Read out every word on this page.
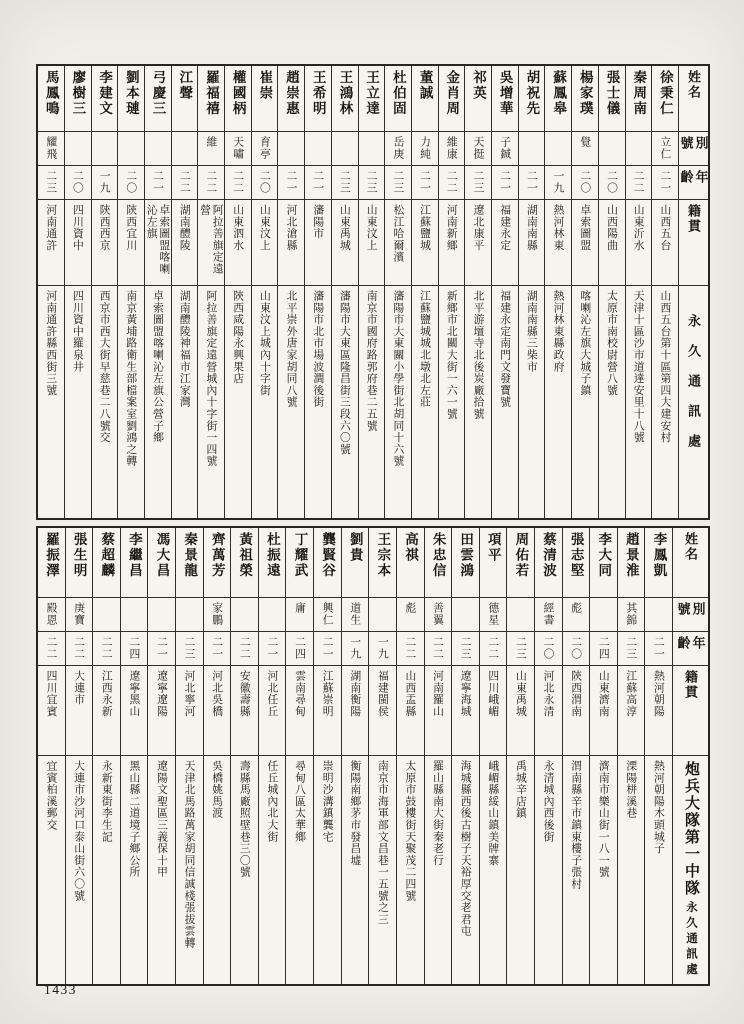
姓名
別號
年齡
籍貫
永久通訊處
徐秉仁
立仁
二一
山西五台
山西五台第十區第四大建安村
秦周南
二二
山東沂水
天津十區沙市道達安里十八號
張士儀
二〇
山西陽曲
太原市南校尉營八號
楊家璞
覺
二〇
卓索圖盟
喀喇沁左旗大城子鎮
蘇鳳皋
一九
熱河林東
熱河林東縣政府
胡祝先
二一
湖南南縣
湖南南縣三柴市
吳增華
子鋮
二一
福建永定
福建永定南門文發寶號
祁英
天挺
二三
遼北康平
北平游壇寺北後炭廠拾號
金肖周
維康
二二
河南新鄉
新鄉市北關大街一六一號
董誠
力純
二一
江蘇鹽城
江蘇鹽城城北墩北左莊
杜伯固
岳庚
二三
松江哈爾濱
瀋陽市大東關小學街北胡同十六號
王立達
二三
山東汶上
南京市國府路郭府巷二五號
王鴻林
二三
山東禹城
瀋陽市大東區隆昌街三段六〇號
王希明
二一
瀋陽市
瀋陽市北市場波澗後街
趙崇惠
二一
河北滄縣
北平崇外唐家胡同八號
崔崇
育亭
二〇
山東汶上
山東汶上城內十字街
權國柄
天嘯
二二
山東泗水
陝西咸陽永興果店
羅福禧
維
二二
阿拉善旗定遠營
阿拉善旗定遠營城內十字街一四號
江聲
二二
湖南醴陵
湖南醴陵神福市江家灣
弓慶三
二一
卓索圖盟喀喇沁左旗
卓索圖盟喀喇沁左旗公營子鄉
劉本璉
二〇
陝西宜川
南京黃埔路衛生部檔案室劉鴻之轉
李建文
一九
陝西西京
西京市西大街早慈巷二八號交
廖樹三
二〇
四川資中
四川資中羅泉井
馬鳳鳴
耀飛
二三
河南通許
河南通許縣西街三號
姓名
別號
年齡
籍貫
炮兵大隊第一中隊
永久通訊處
李鳳凱
二一
熱河朝陽
熱河朝陽木頭城子
趙景淮
其錦
二三
江蘇高淳
溧陽栟溪巷
李大同
二四
山東濟南
濟南市樂山街一八一號
張志堅
彪
二〇
陝西渭南
渭南縣辛市鎮東樓子張村
蔡清波
經書
二〇
河北永清
永清城內西後街
周佑若
二三
山東禹城
禹城辛店鎮
項平
德星
二二
四川峨嵋
峨嵋縣綏山鎮美牌寨
田雲鴻
二三
遼寧海城
海城縣西後古樹子天裕厚交老君屯
朱忠信
善翼
二二
河南羅山
羅山縣南大街秦老行
高祺
彪
二二
山西盂縣
太原市鼓樓街天聚茂二四號
王宗本
一九
福建閩侯
南京市海軍部文昌巷一五號之三
劉貴
道生
一九
湖南衡陽
衡陽南鄉茅市發昌墟
龔賢谷
興仁
二一
江蘇崇明
崇明沙溝鎮龔宅
丁耀武
庸
二四
雲南尋甸
尋甸八區太華鄉
杜振遠
二一
河北任丘
任丘城內北大街
黃祖榮
二二
安徽壽縣
壽縣馬廠照壁巷三〇號
齊萬芳
家鵬
二一
河北吳橋
吳橋姚馬渡
秦景龍
二三
河北寧河
天津北馬路萬家胡同信誠棧張拔雲轉
馮大昌
二一
遼寧遼陽
遼陽文聖區三義保十甲
李繼昌
二四
遼寧黑山
黑山縣二道境子鄉公所
蔡超麟
二二
江西永新
永新東街李生記
張生明
庚寶
二二
大連市
大連市沙河口泰山街六〇號
羅振澤
殿恩
二二
四川宜賓
宜賓柏溪郵交
1433
